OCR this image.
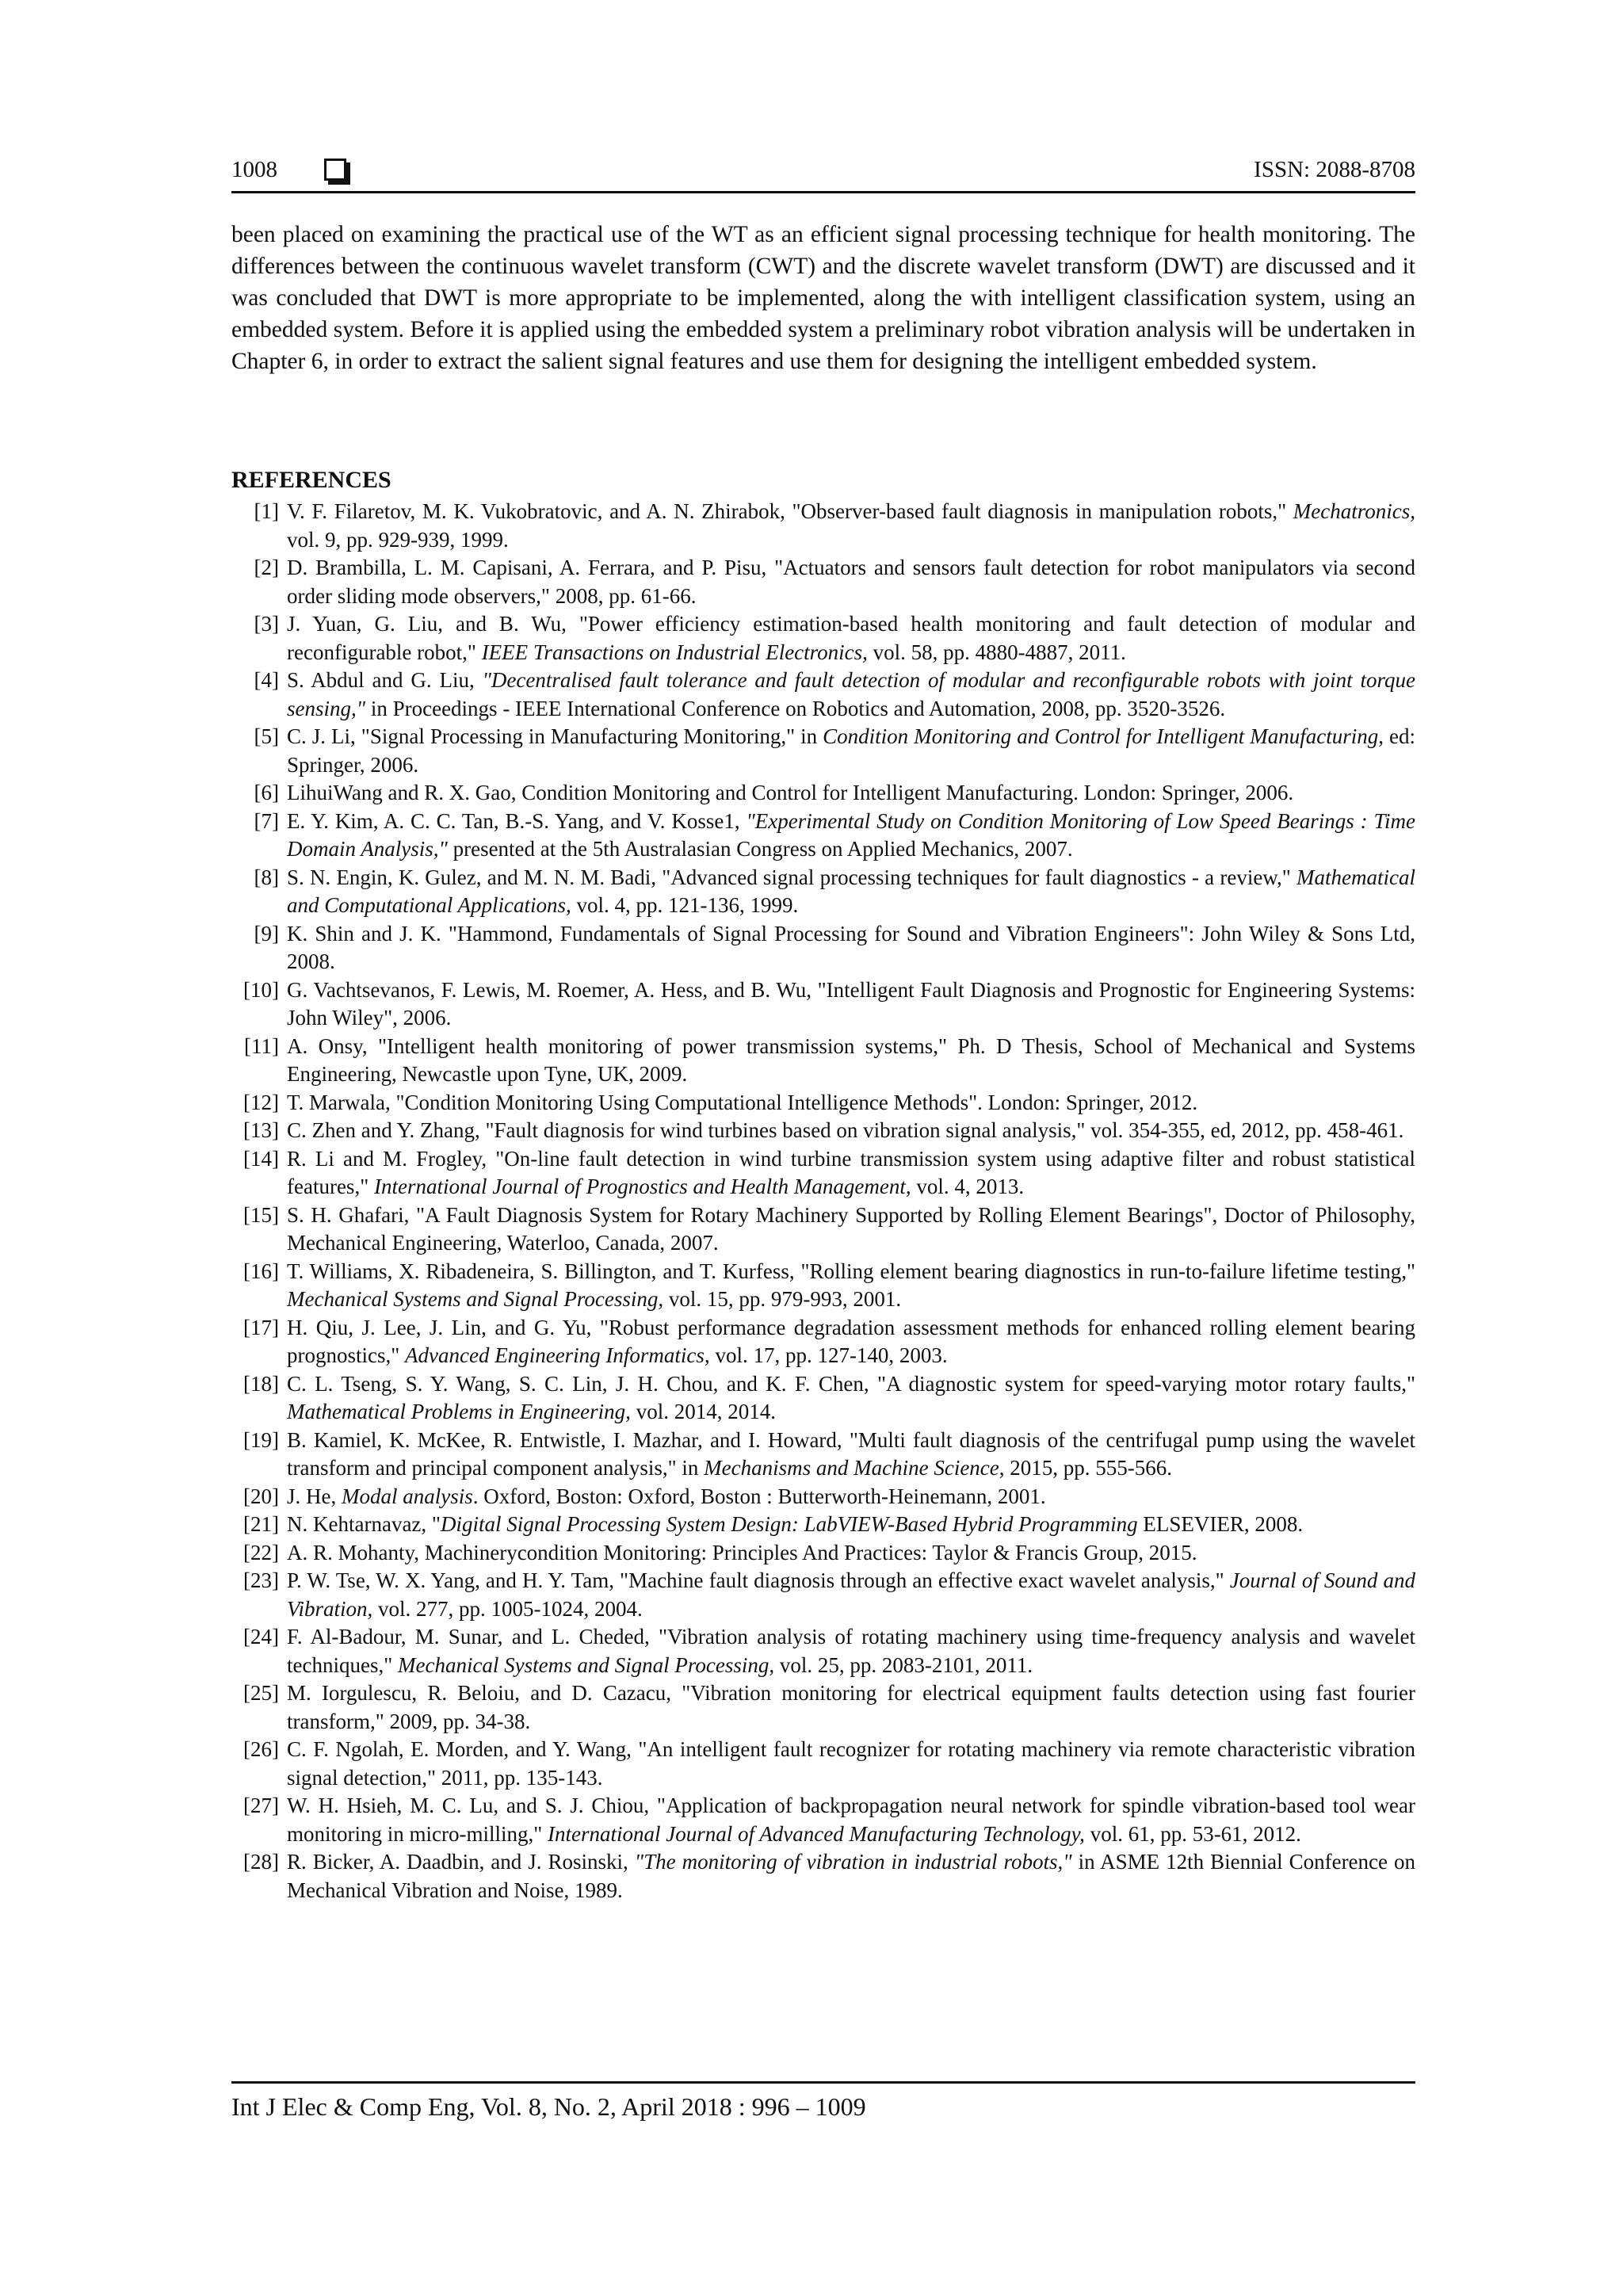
1008	ISSN: 2088-8708

been placed on examining the practical use of the WT as an efficient signal processing technique for health monitoring. The differences between the continuous wavelet transform (CWT) and the discrete wavelet transform (DWT) are discussed and it was concluded that DWT is more appropriate to be implemented, along the with intelligent classification system, using an embedded system. Before it is applied using the embedded system a preliminary robot vibration analysis will be undertaken in Chapter 6, in order to extract the salient signal features and use them for designing the intelligent embedded system.

REFERENCES
[1] V. F. Filaretov, M. K. Vukobratovic, and A. N. Zhirabok, "Observer-based fault diagnosis in manipulation robots," Mechatronics, vol. 9, pp. 929-939, 1999.
[2] D. Brambilla, L. M. Capisani, A. Ferrara, and P. Pisu, "Actuators and sensors fault detection for robot manipulators via second order sliding mode observers," 2008, pp. 61-66.
[3] J. Yuan, G. Liu, and B. Wu, "Power efficiency estimation-based health monitoring and fault detection of modular and reconfigurable robot," IEEE Transactions on Industrial Electronics, vol. 58, pp. 4880-4887, 2011.
[4] S. Abdul and G. Liu, "Decentralised fault tolerance and fault detection of modular and reconfigurable robots with joint torque sensing," in Proceedings - IEEE International Conference on Robotics and Automation, 2008, pp. 3520-3526.
[5] C. J. Li, "Signal Processing in Manufacturing Monitoring," in Condition Monitoring and Control for Intelligent Manufacturing, ed: Springer, 2006.
[6] LihuiWang and R. X. Gao, Condition Monitoring and Control for Intelligent Manufacturing. London: Springer, 2006.
[7] E. Y. Kim, A. C. C. Tan, B.-S. Yang, and V. Kosse1, "Experimental Study on Condition Monitoring of Low Speed Bearings : Time Domain Analysis," presented at the 5th Australasian Congress on Applied Mechanics, 2007.
[8] S. N. Engin, K. Gulez, and M. N. M. Badi, "Advanced signal processing techniques for fault diagnostics - a review," Mathematical and Computational Applications, vol. 4, pp. 121-136, 1999.
[9] K. Shin and J. K. "Hammond, Fundamentals of Signal Processing for Sound and Vibration Engineers": John Wiley & Sons Ltd, 2008.
[10] G. Vachtsevanos, F. Lewis, M. Roemer, A. Hess, and B. Wu, "Intelligent Fault Diagnosis and Prognostic for Engineering Systems: John Wiley", 2006.
[11] A. Onsy, "Intelligent health monitoring of power transmission systems," Ph. D Thesis, School of Mechanical and Systems Engineering, Newcastle upon Tyne, UK, 2009.
[12] T. Marwala, "Condition Monitoring Using Computational Intelligence Methods". London: Springer, 2012.
[13] C. Zhen and Y. Zhang, "Fault diagnosis for wind turbines based on vibration signal analysis," vol. 354-355, ed, 2012, pp. 458-461.
[14] R. Li and M. Frogley, "On-line fault detection in wind turbine transmission system using adaptive filter and robust statistical features," International Journal of Prognostics and Health Management, vol. 4, 2013.
[15] S. H. Ghafari, "A Fault Diagnosis System for Rotary Machinery Supported by Rolling Element Bearings", Doctor of Philosophy, Mechanical Engineering, Waterloo, Canada, 2007.
[16] T. Williams, X. Ribadeneira, S. Billington, and T. Kurfess, "Rolling element bearing diagnostics in run-to-failure lifetime testing," Mechanical Systems and Signal Processing, vol. 15, pp. 979-993, 2001.
[17] H. Qiu, J. Lee, J. Lin, and G. Yu, "Robust performance degradation assessment methods for enhanced rolling element bearing prognostics," Advanced Engineering Informatics, vol. 17, pp. 127-140, 2003.
[18] C. L. Tseng, S. Y. Wang, S. C. Lin, J. H. Chou, and K. F. Chen, "A diagnostic system for speed-varying motor rotary faults," Mathematical Problems in Engineering, vol. 2014, 2014.
[19] B. Kamiel, K. McKee, R. Entwistle, I. Mazhar, and I. Howard, "Multi fault diagnosis of the centrifugal pump using the wavelet transform and principal component analysis," in Mechanisms and Machine Science, 2015, pp. 555-566.
[20] J. He, Modal analysis. Oxford, Boston: Oxford, Boston : Butterworth-Heinemann, 2001.
[21] N. Kehtarnavaz, "Digital Signal Processing System Design: LabVIEW-Based Hybrid Programming ELSEVIER, 2008.
[22] A. R. Mohanty, Machinerycondition Monitoring: Principles And Practices: Taylor & Francis Group, 2015.
[23] P. W. Tse, W. X. Yang, and H. Y. Tam, "Machine fault diagnosis through an effective exact wavelet analysis," Journal of Sound and Vibration, vol. 277, pp. 1005-1024, 2004.
[24] F. Al-Badour, M. Sunar, and L. Cheded, "Vibration analysis of rotating machinery using time-frequency analysis and wavelet techniques," Mechanical Systems and Signal Processing, vol. 25, pp. 2083-2101, 2011.
[25] M. Iorgulescu, R. Beloiu, and D. Cazacu, "Vibration monitoring for electrical equipment faults detection using fast fourier transform," 2009, pp. 34-38.
[26] C. F. Ngolah, E. Morden, and Y. Wang, "An intelligent fault recognizer for rotating machinery via remote characteristic vibration signal detection," 2011, pp. 135-143.
[27] W. H. Hsieh, M. C. Lu, and S. J. Chiou, "Application of backpropagation neural network for spindle vibration-based tool wear monitoring in micro-milling," International Journal of Advanced Manufacturing Technology, vol. 61, pp. 53-61, 2012.
[28] R. Bicker, A. Daadbin, and J. Rosinski, "The monitoring of vibration in industrial robots," in ASME 12th Biennial Conference on Mechanical Vibration and Noise, 1989.
Int J Elec & Comp Eng, Vol. 8, No. 2, April 2018 : 996 – 1009
